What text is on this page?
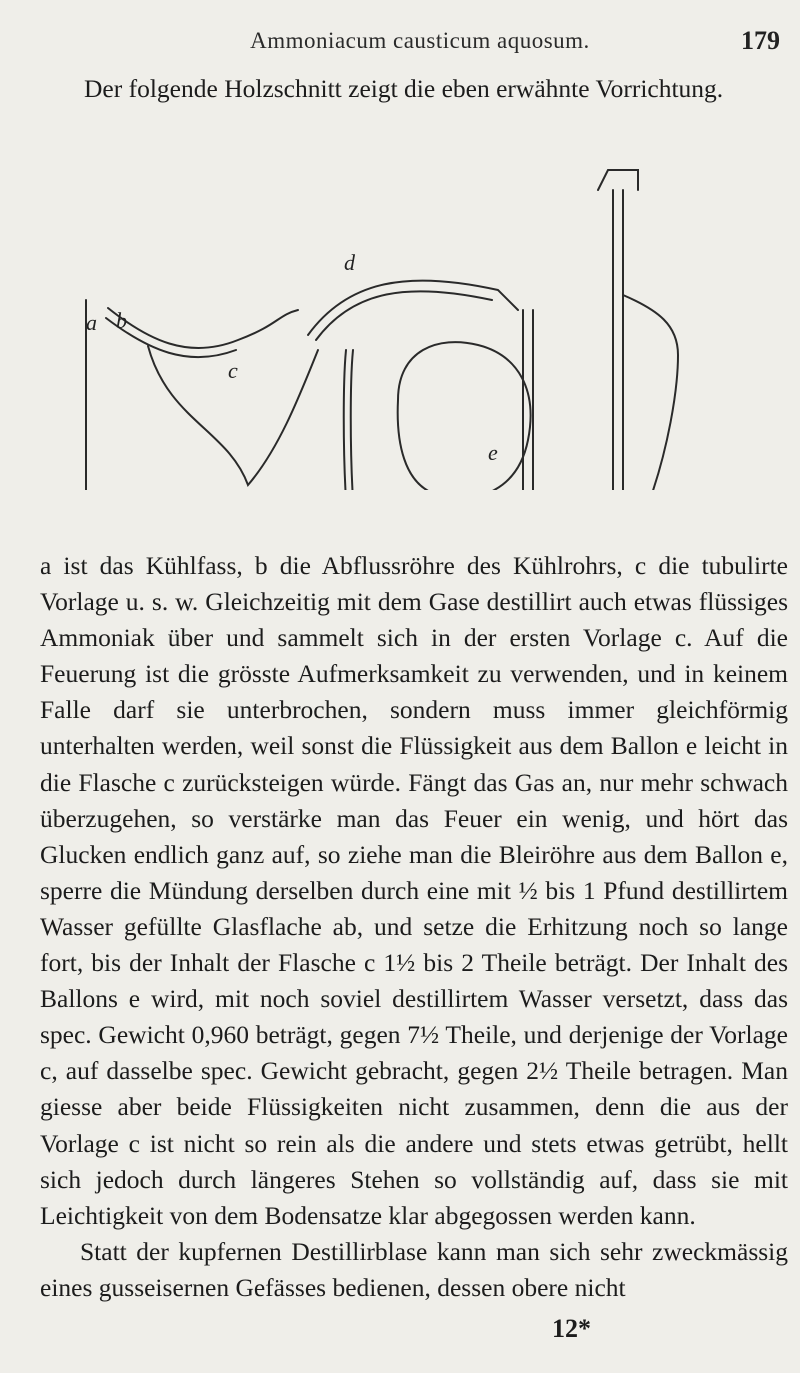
Ammoniacum causticum aquosum.	179
Der folgende Holzschnitt zeigt die eben erwähnte Vorrichtung.
a b
c
d
e

a ist das Kühlfass, b die Abflussröhre des Kühlrohrs, c die tubulirte Vorlage u. s. w. Gleichzeitig mit dem Gase destillirt auch etwas flüssiges Ammoniak über und sammelt sich in der ersten Vorlage c. Auf die Feuerung ist die grösste Aufmerksamkeit zu verwenden, und in keinem Falle darf sie unterbrochen, sondern muss immer gleichförmig unterhalten werden, weil sonst die Flüssigkeit aus dem Ballon e leicht in die Flasche c zurücksteigen würde. Fängt das Gas an, nur mehr schwach überzugehen, so verstärke man das Feuer ein wenig, und hört das Glucken endlich ganz auf, so ziehe man die Bleiröhre aus dem Ballon e, sperre die Mündung derselben durch eine mit ½ bis 1 Pfund destillirtem Wasser gefüllte Glasflache ab, und setze die Erhitzung noch so lange fort, bis der Inhalt der Flasche c 1½ bis 2 Theile beträgt. Der Inhalt des Ballons e wird, mit noch soviel destillirtem Wasser versetzt, dass das spec. Gewicht 0,960 beträgt, gegen 7½ Theile, und derjenige der Vorlage c, auf dasselbe spec. Gewicht gebracht, gegen 2½ Theile betragen. Man giesse aber beide Flüssigkeiten nicht zusammen, denn die aus der Vorlage c ist nicht so rein als die andere und stets etwas getrübt, hellt sich jedoch durch längeres Stehen so vollständig auf, dass sie mit Leichtigkeit von dem Bodensatze klar abgegossen werden kann.

Statt der kupfernen Destillirblase kann man sich sehr zweckmässig eines gusseisernen Gefässes bedienen, dessen obere nicht

12*
